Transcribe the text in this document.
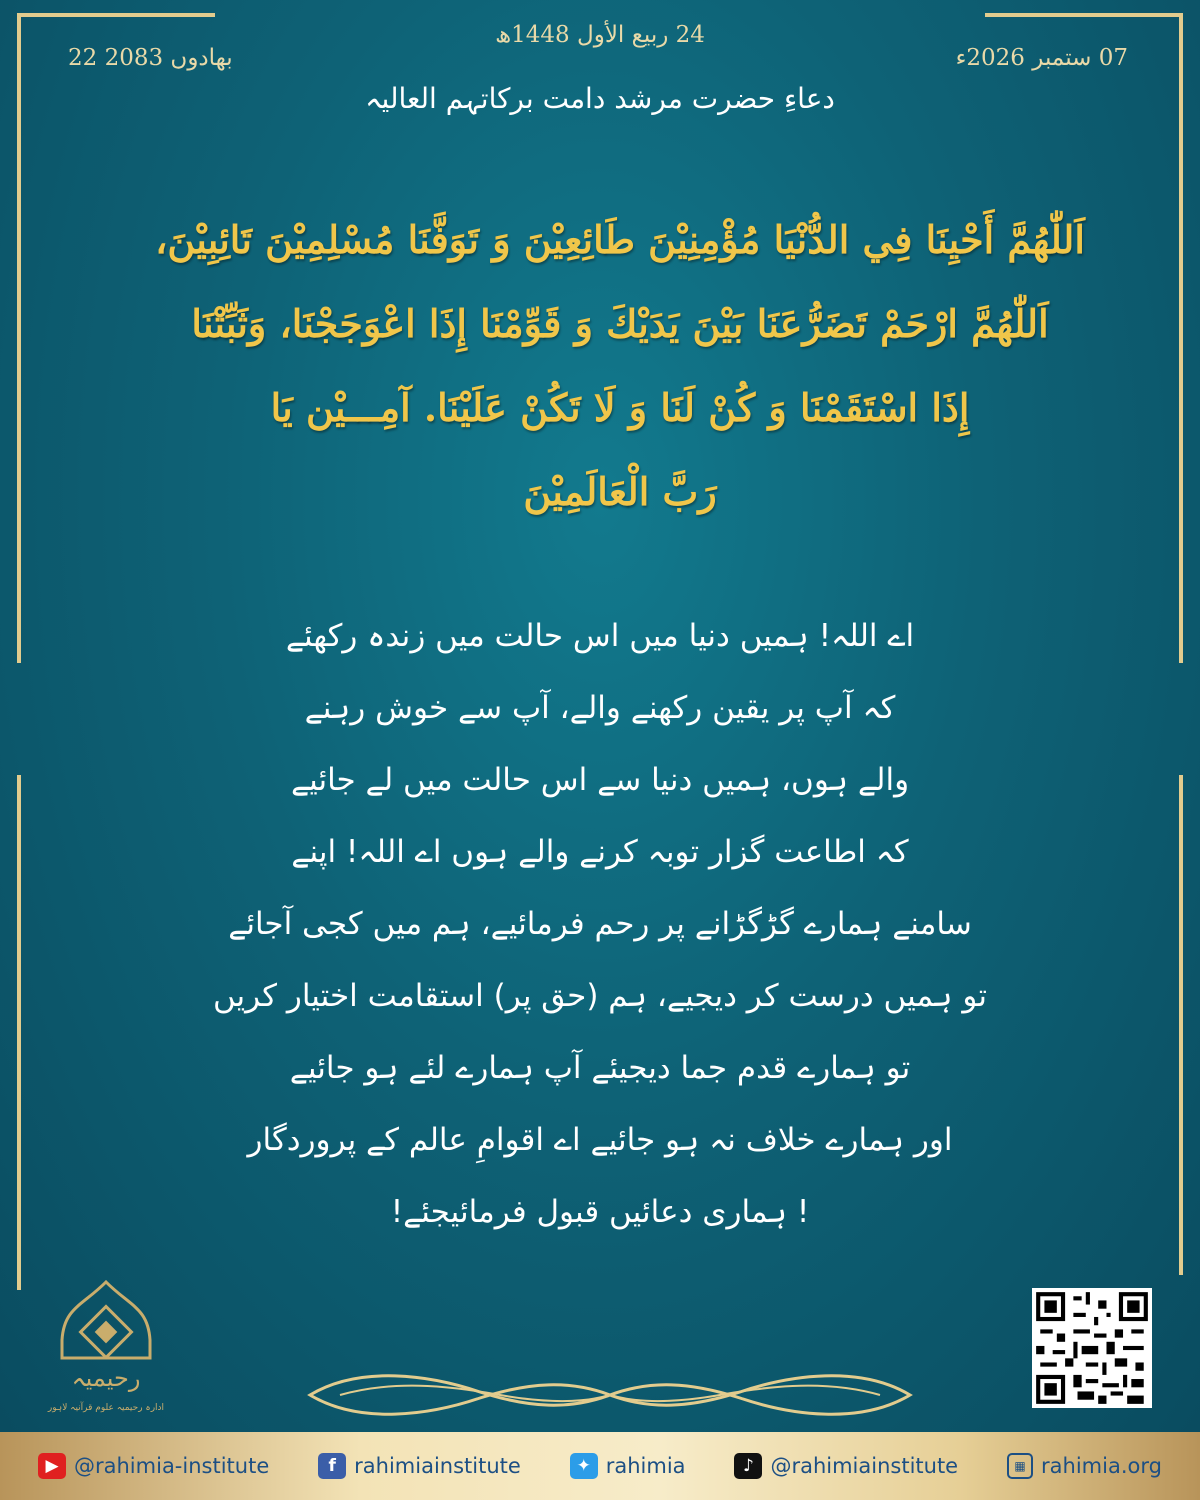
22 بھادوں 2083
24 ربیع الأول 1448ھ
07 ستمبر 2026ء
دعاءِ حضرت مرشد دامت برکاتہم العالیہ
اَللّٰهُمَّ أَحْيِنَا فِي الدُّنْيَا مُؤْمِنِيْنَ طَائِعِيْنَ وَ تَوَفَّنَا مُسْلِمِيْنَ تَائِبِيْنَ،
اَللّٰهُمَّ ارْحَمْ تَضَرُّعَنَا بَيْنَ يَدَيْكَ وَ قَوِّمْنَا إِذَا اعْوَجَجْنَا، وَثَبِّتْنَا
إِذَا اسْتَقَمْنَا وَ كُنْ لَنَا وَ لَا تَكُنْ عَلَيْنَا. آمِـــيْن يَا
رَبَّ الْعَالَمِيْنَ
اے اللہ! ہمیں دنیا میں اس حالت میں زندہ رکھئے
کہ آپ پر یقین رکھنے والے، آپ سے خوش رہنے
والے ہوں، ہمیں دنیا سے اس حالت میں لے جائیے
کہ اطاعت گزار توبہ کرنے والے ہوں اے اللہ! اپنے
سامنے ہمارے گڑگڑانے پر رحم فرمائیے، ہم میں کجی آجائے
تو ہمیں درست کر دیجیے، ہم (حق پر) استقامت اختیار کریں
تو ہمارے قدم جما دیجیئے آپ ہمارے لئے ہو جائیے
اور ہمارے خلاف نہ ہو جائیے اے اقوامِ عالم کے پروردگار
! ہماری دعائیں قبول فرمائیجئے!
رحیمیہ
ادارہ رحیمیہ علوم قرآنیہ لاہور
▶ @rahimia-institute	f rahimiainstitute	✦ rahimia	♪ @rahimiainstitute	▦ rahimia.org
